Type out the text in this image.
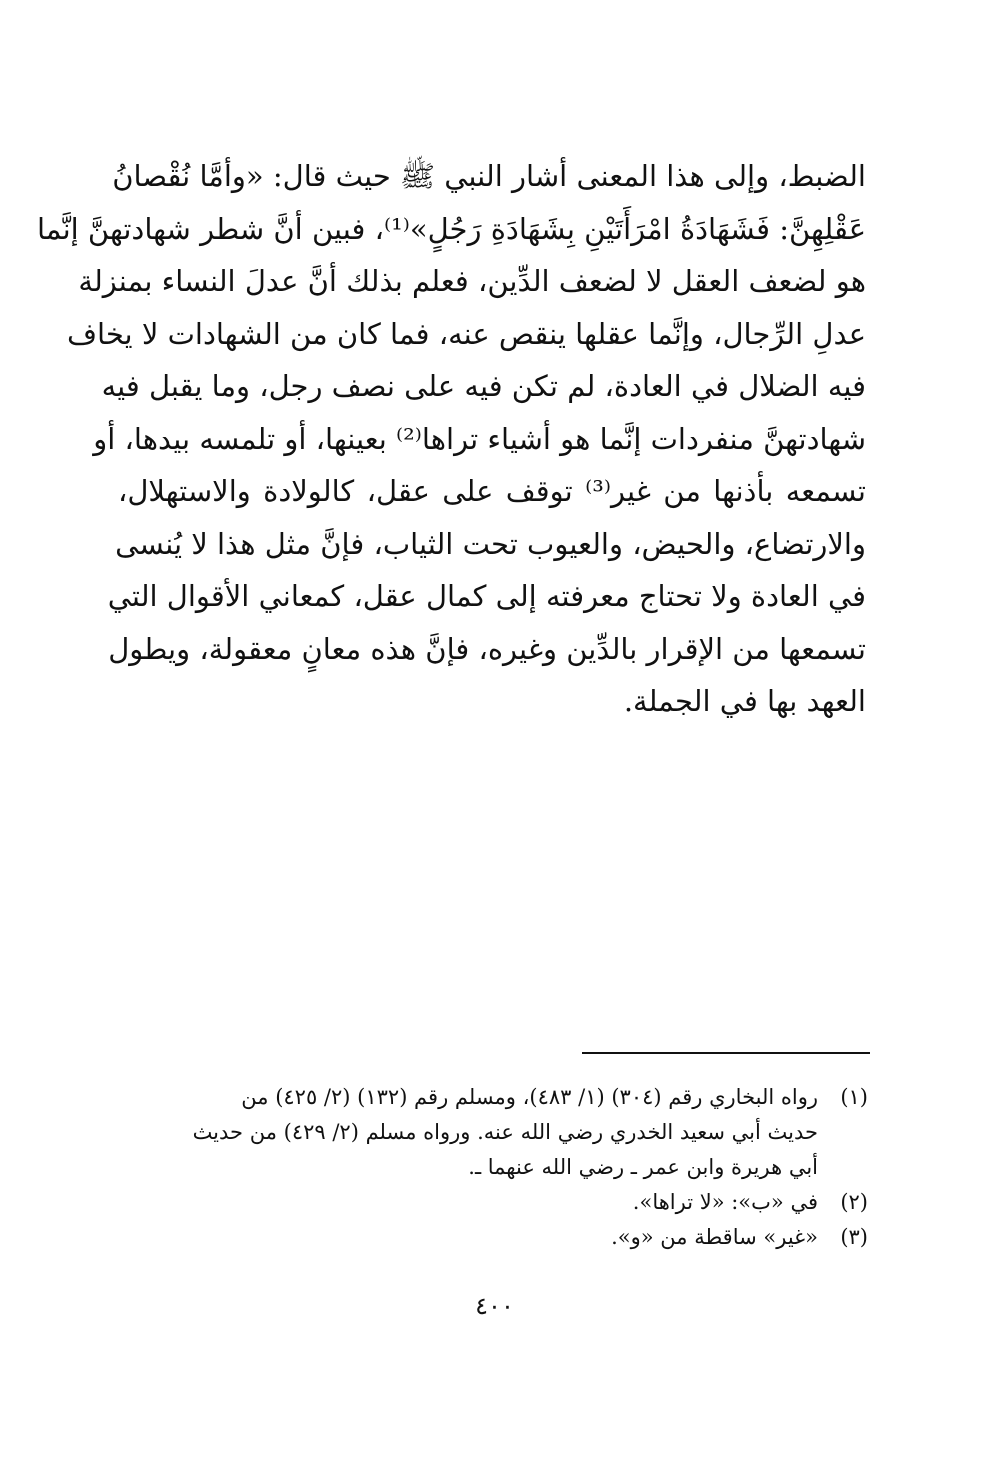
الضبط، وإلى هذا المعنى أشار النبي ﷺ حيث قال: «وأمَّا نُقْصانُ
عَقْلِهِنَّ: فَشَهَادَةُ امْرَأَتَيْنِ بِشَهَادَةِ رَجُلٍ»⁽¹⁾، فبين أنَّ شطر شهادتهنَّ إنَّما
هو لضعف العقل لا لضعف الدِّين، فعلم بذلك أنَّ عدلَ النساء بمنزلة
عدلِ الرِّجال، وإنَّما عقلها ينقص عنه، فما كان من الشهادات لا يخاف
فيه الضلال في العادة، لم تكن فيه على نصف رجل، وما يقبل فيه
شهادتهنَّ منفردات إنَّما هو أشياء تراها⁽²⁾ بعينها، أو تلمسه بيدها، أو
تسمعه بأذنها من غير⁽³⁾ توقف على عقل، كالولادة والاستهلال،
والارتضاع، والحيض، والعيوب تحت الثياب، فإنَّ مثل هذا لا يُنسى
في العادة ولا تحتاج معرفته إلى كمال عقل، كمعاني الأقوال التي
تسمعها من الإقرار بالدِّين وغيره، فإنَّ هذه معانٍ معقولة، ويطول
العهد بها في الجملة.
(١)
رواه البخاري رقم (٣٠٤) (١/ ٤٨٣)، ومسلم رقم (١٣٢) (٢/ ٤٢٥) من
حديث أبي سعيد الخدري رضي الله عنه. ورواه مسلم (٢/ ٤٢٩) من حديث
أبي هريرة وابن عمر ـ رضي الله عنهما ـ.
(٢)
في «ب»: «لا تراها».
(٣)
«غير» ساقطة من «و».
٤٠٠
